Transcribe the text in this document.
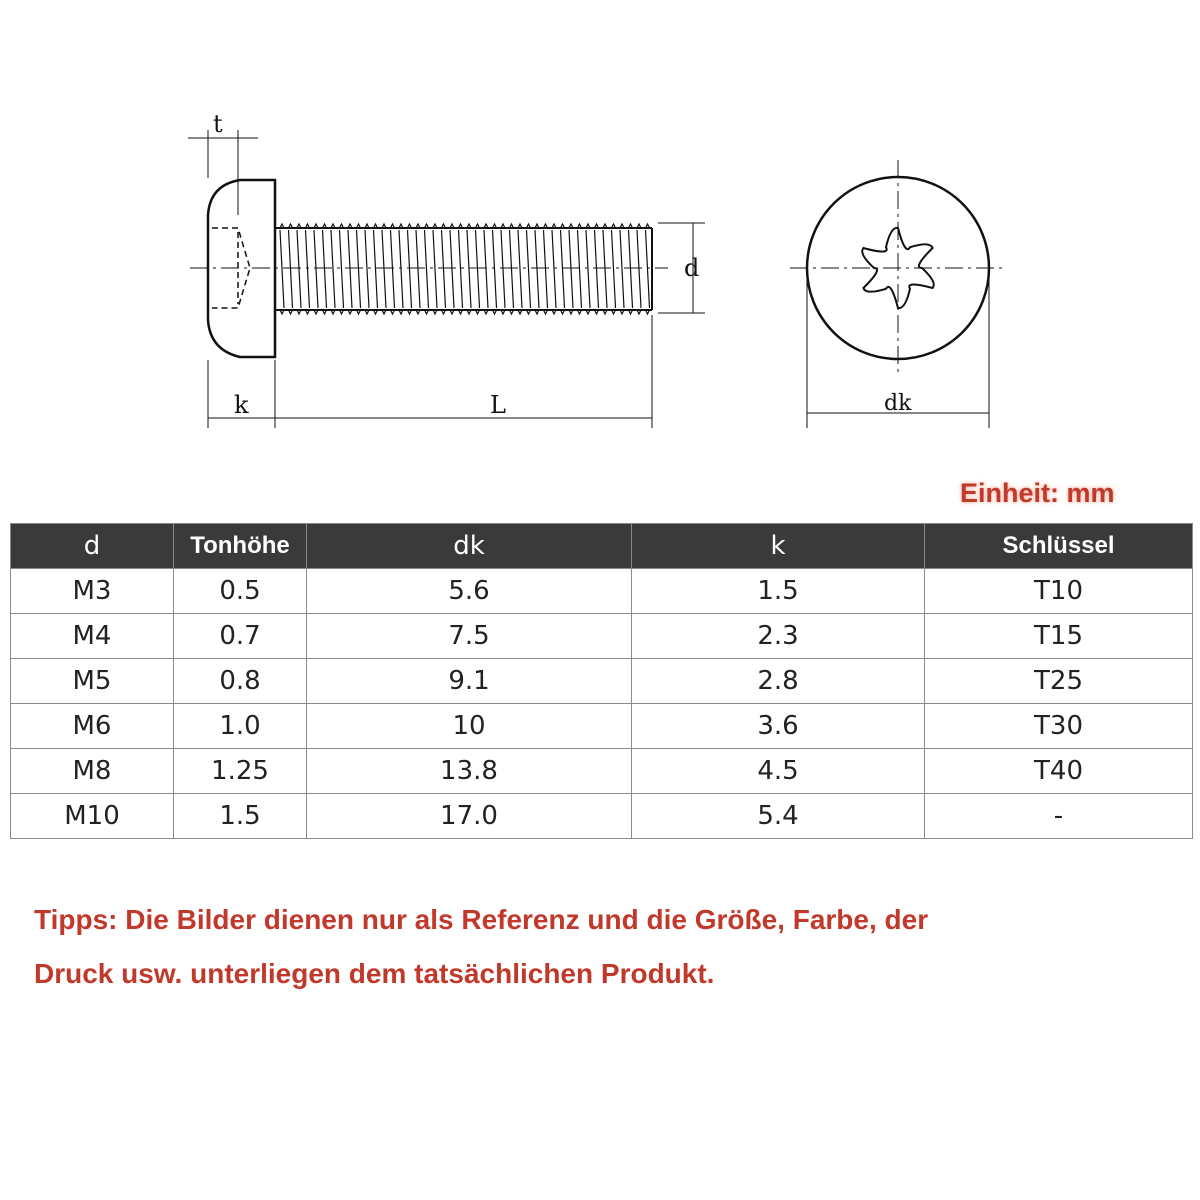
t
k	L
d
dk
Einheit: mm
d	Tonhöhe	dk	k	Schlüssel
M3	0.5	5.6	1.5	T10
M4	0.7	7.5	2.3	T15
M5	0.8	9.1	2.8	T25
M6	1.0	10	3.6	T30
M8	1.25	13.8	4.5	T40
M10	1.5	17.0	5.4	-
Tipps: Die Bilder dienen nur als Referenz und die Größe, Farbe, der
Druck usw. unterliegen dem tatsächlichen Produkt.
